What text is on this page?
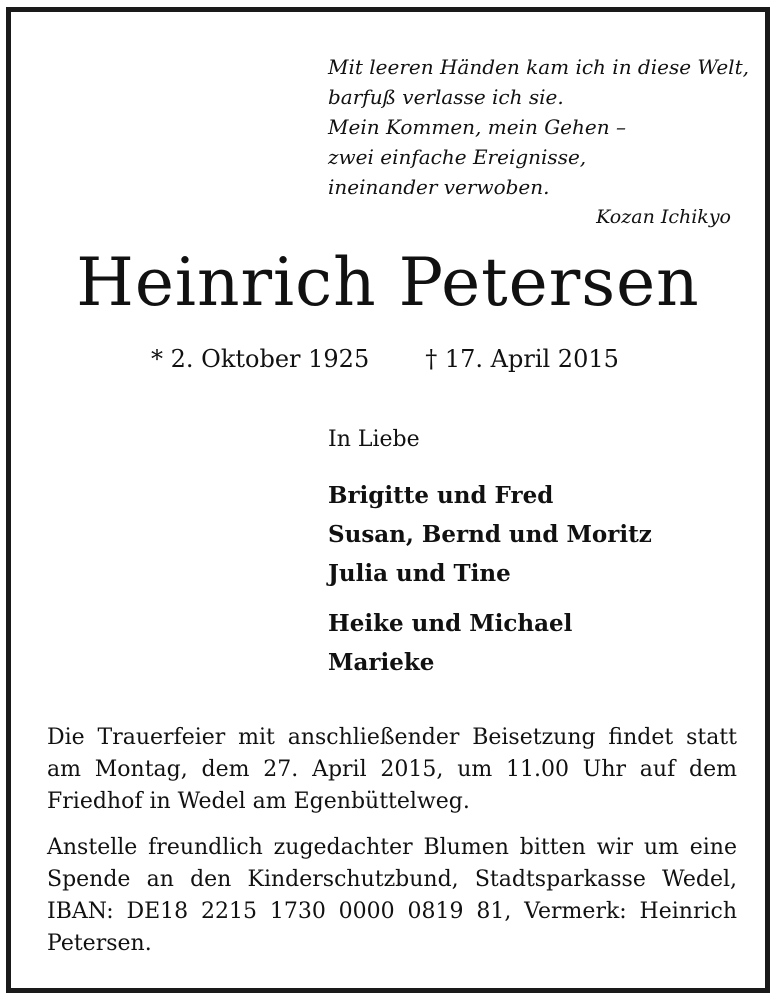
Mit leeren Händen kam ich in diese Welt,
barfuß verlasse ich sie.
Mein Kommen, mein Gehen –
zwei einfache Ereignisse,
ineinander verwoben.
Kozan Ichikyo
Heinrich Petersen
* 2. Oktober 1925 † 17. April 2015
In Liebe
Brigitte und Fred
Susan, Bernd und Moritz
Julia und Tine
Heike und Michael
Marieke
Die Trauerfeier mit anschließender Beisetzung findet statt am Montag, dem 27. April 2015, um 11.00 Uhr auf dem Friedhof in Wedel am Egenbüttelweg.
Anstelle freundlich zugedachter Blumen bitten wir um eine Spende an den Kinderschutzbund, Stadtsparkasse Wedel, IBAN: DE18 2215 1730 0000 0819 81, Vermerk: Heinrich Petersen.
